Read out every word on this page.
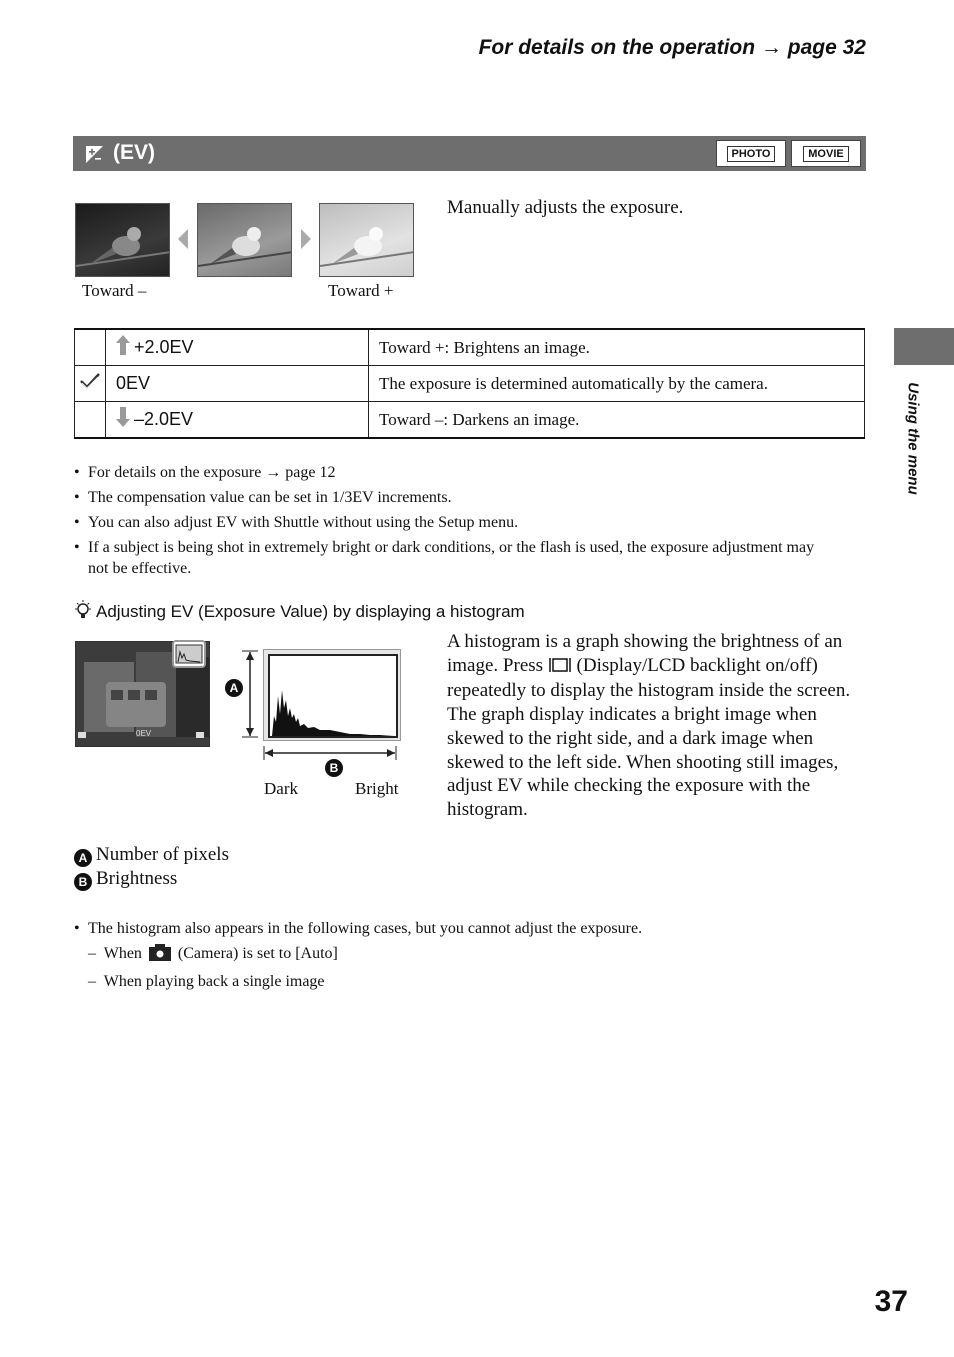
For details on the operation → page 32
(EV)	PHOTO	MOVIE
Toward –	Toward +
Manually adjusts the exposure.
	+2.0EV	Toward +: Brightens an image.
	0EV	The exposure is determined automatically by the camera.
	–2.0EV	Toward –: Darkens an image.
• For details on the exposure → page 12
• The compensation value can be set in 1/3EV increments.
• You can also adjust EV with Shuttle without using the Setup menu.
• If a subject is being shot in extremely bright or dark conditions, or the flash is used, the exposure adjustment may not be effective.
Adjusting EV (Exposure Value) by displaying a histogram
0EV
A
B
Dark	Bright
A histogram is a graph showing the brightness of an image. Press (Display/LCD backlight on/off) repeatedly to display the histogram inside the screen. The graph display indicates a bright image when skewed to the right side, and a dark image when skewed to the left side. When shooting still images, adjust EV while checking the exposure with the histogram.
A Number of pixels
B Brightness
• The histogram also appears in the following cases, but you cannot adjust the exposure.
–  When (Camera) is set to [Auto]
–  When playing back a single image
Using the menu
37
